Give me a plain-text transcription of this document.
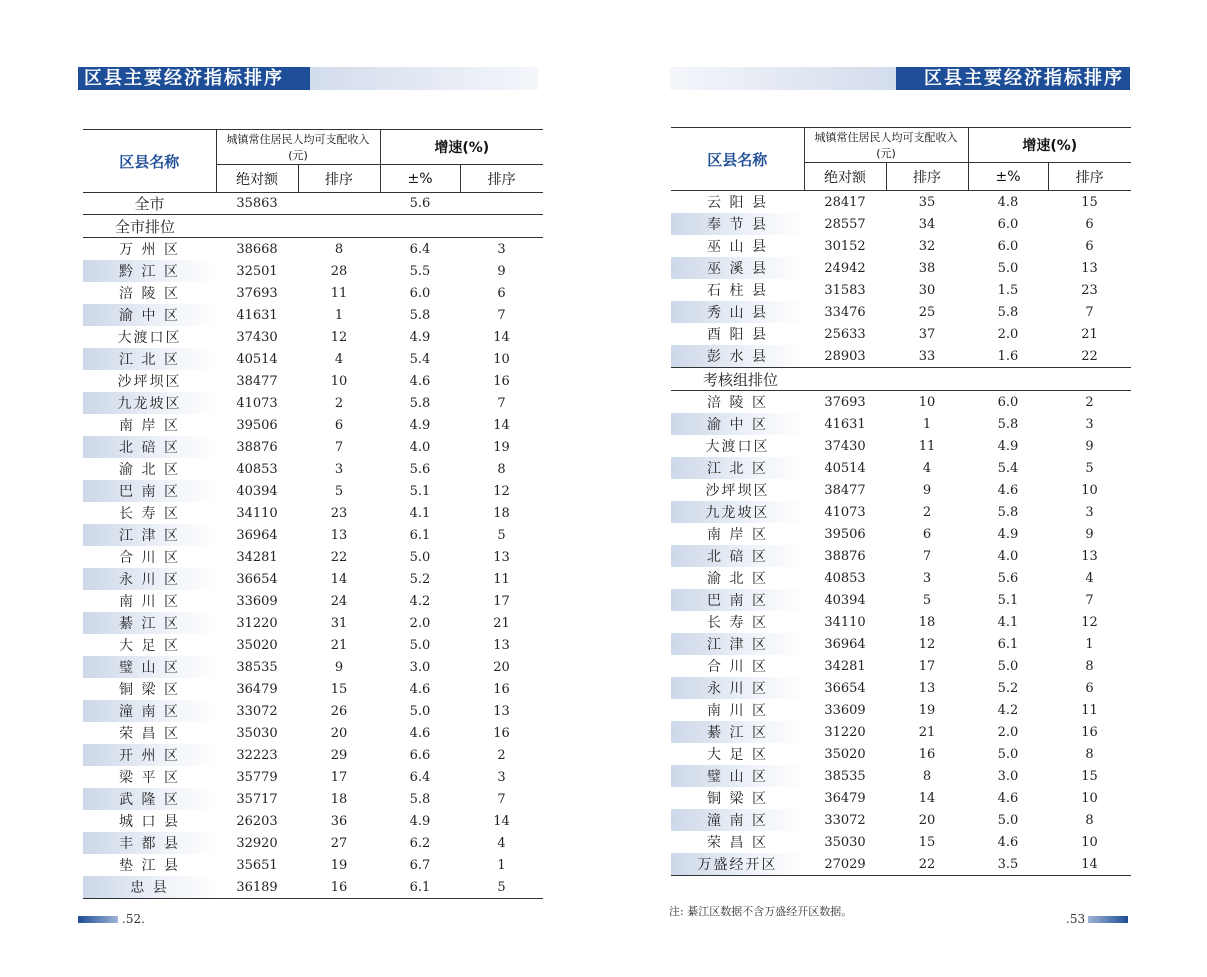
区县主要经济指标排序
区县名称	城镇常住居民人均可支配收入(元)		增速(%)	
	绝对额	排序	±%	排序
全市	35863		5.6	
全市排位				
万 州 区	38668	8	6.4	3
黔 江 区	32501	28	5.5	9
涪 陵 区	37693	11	6.0	6
渝 中 区	41631	1	5.8	7
大渡口区	37430	12	4.9	14
江 北 区	40514	4	5.4	10
沙坪坝区	38477	10	4.6	16
九龙坡区	41073	2	5.8	7
南 岸 区	39506	6	4.9	14
北 碚 区	38876	7	4.0	19
渝 北 区	40853	3	5.6	8
巴 南 区	40394	5	5.1	12
长 寿 区	34110	23	4.1	18
江 津 区	36964	13	6.1	5
合 川 区	34281	22	5.0	13
永 川 区	36654	14	5.2	11
南 川 区	33609	24	4.2	17
綦 江 区	31220	31	2.0	21
大 足 区	35020	21	5.0	13
璧 山 区	38535	9	3.0	20
铜 梁 区	36479	15	4.6	16
潼 南 区	33072	26	5.0	13
荣 昌 区	35030	20	4.6	16
开 州 区	32223	29	6.6	2
梁 平 区	35779	17	6.4	3
武 隆 区	35717	18	5.8	7
城 口 县	26203	36	4.9	14
丰 都 县	32920	27	6.2	4
垫 江 县	35651	19	6.7	1
忠 县	36189	16	6.1	5
.52.
区县主要经济指标排序
区县名称	城镇常住居民人均可支配收入(元)		增速(%)	
	绝对额	排序	±%	排序
云 阳 县	28417	35	4.8	15
奉 节 县	28557	34	6.0	6
巫 山 县	30152	32	6.0	6
巫 溪 县	24942	38	5.0	13
石 柱 县	31583	30	1.5	23
秀 山 县	33476	25	5.8	7
酉 阳 县	25633	37	2.0	21
彭 水 县	28903	33	1.6	22
考核组排位				
涪 陵 区	37693	10	6.0	2
渝 中 区	41631	1	5.8	3
大渡口区	37430	11	4.9	9
江 北 区	40514	4	5.4	5
沙坪坝区	38477	9	4.6	10
九龙坡区	41073	2	5.8	3
南 岸 区	39506	6	4.9	9
北 碚 区	38876	7	4.0	13
渝 北 区	40853	3	5.6	4
巴 南 区	40394	5	5.1	7
长 寿 区	34110	18	4.1	12
江 津 区	36964	12	6.1	1
合 川 区	34281	17	5.0	8
永 川 区	36654	13	5.2	6
南 川 区	33609	19	4.2	11
綦 江 区	31220	21	2.0	16
大 足 区	35020	16	5.0	8
璧 山 区	38535	8	3.0	15
铜 梁 区	36479	14	4.6	10
潼 南 区	33072	20	5.0	8
荣 昌 区	35030	15	4.6	10
万盛经开区	27029	22	3.5	14
.53
注: 綦江区数据不含万盛经开区数据。
